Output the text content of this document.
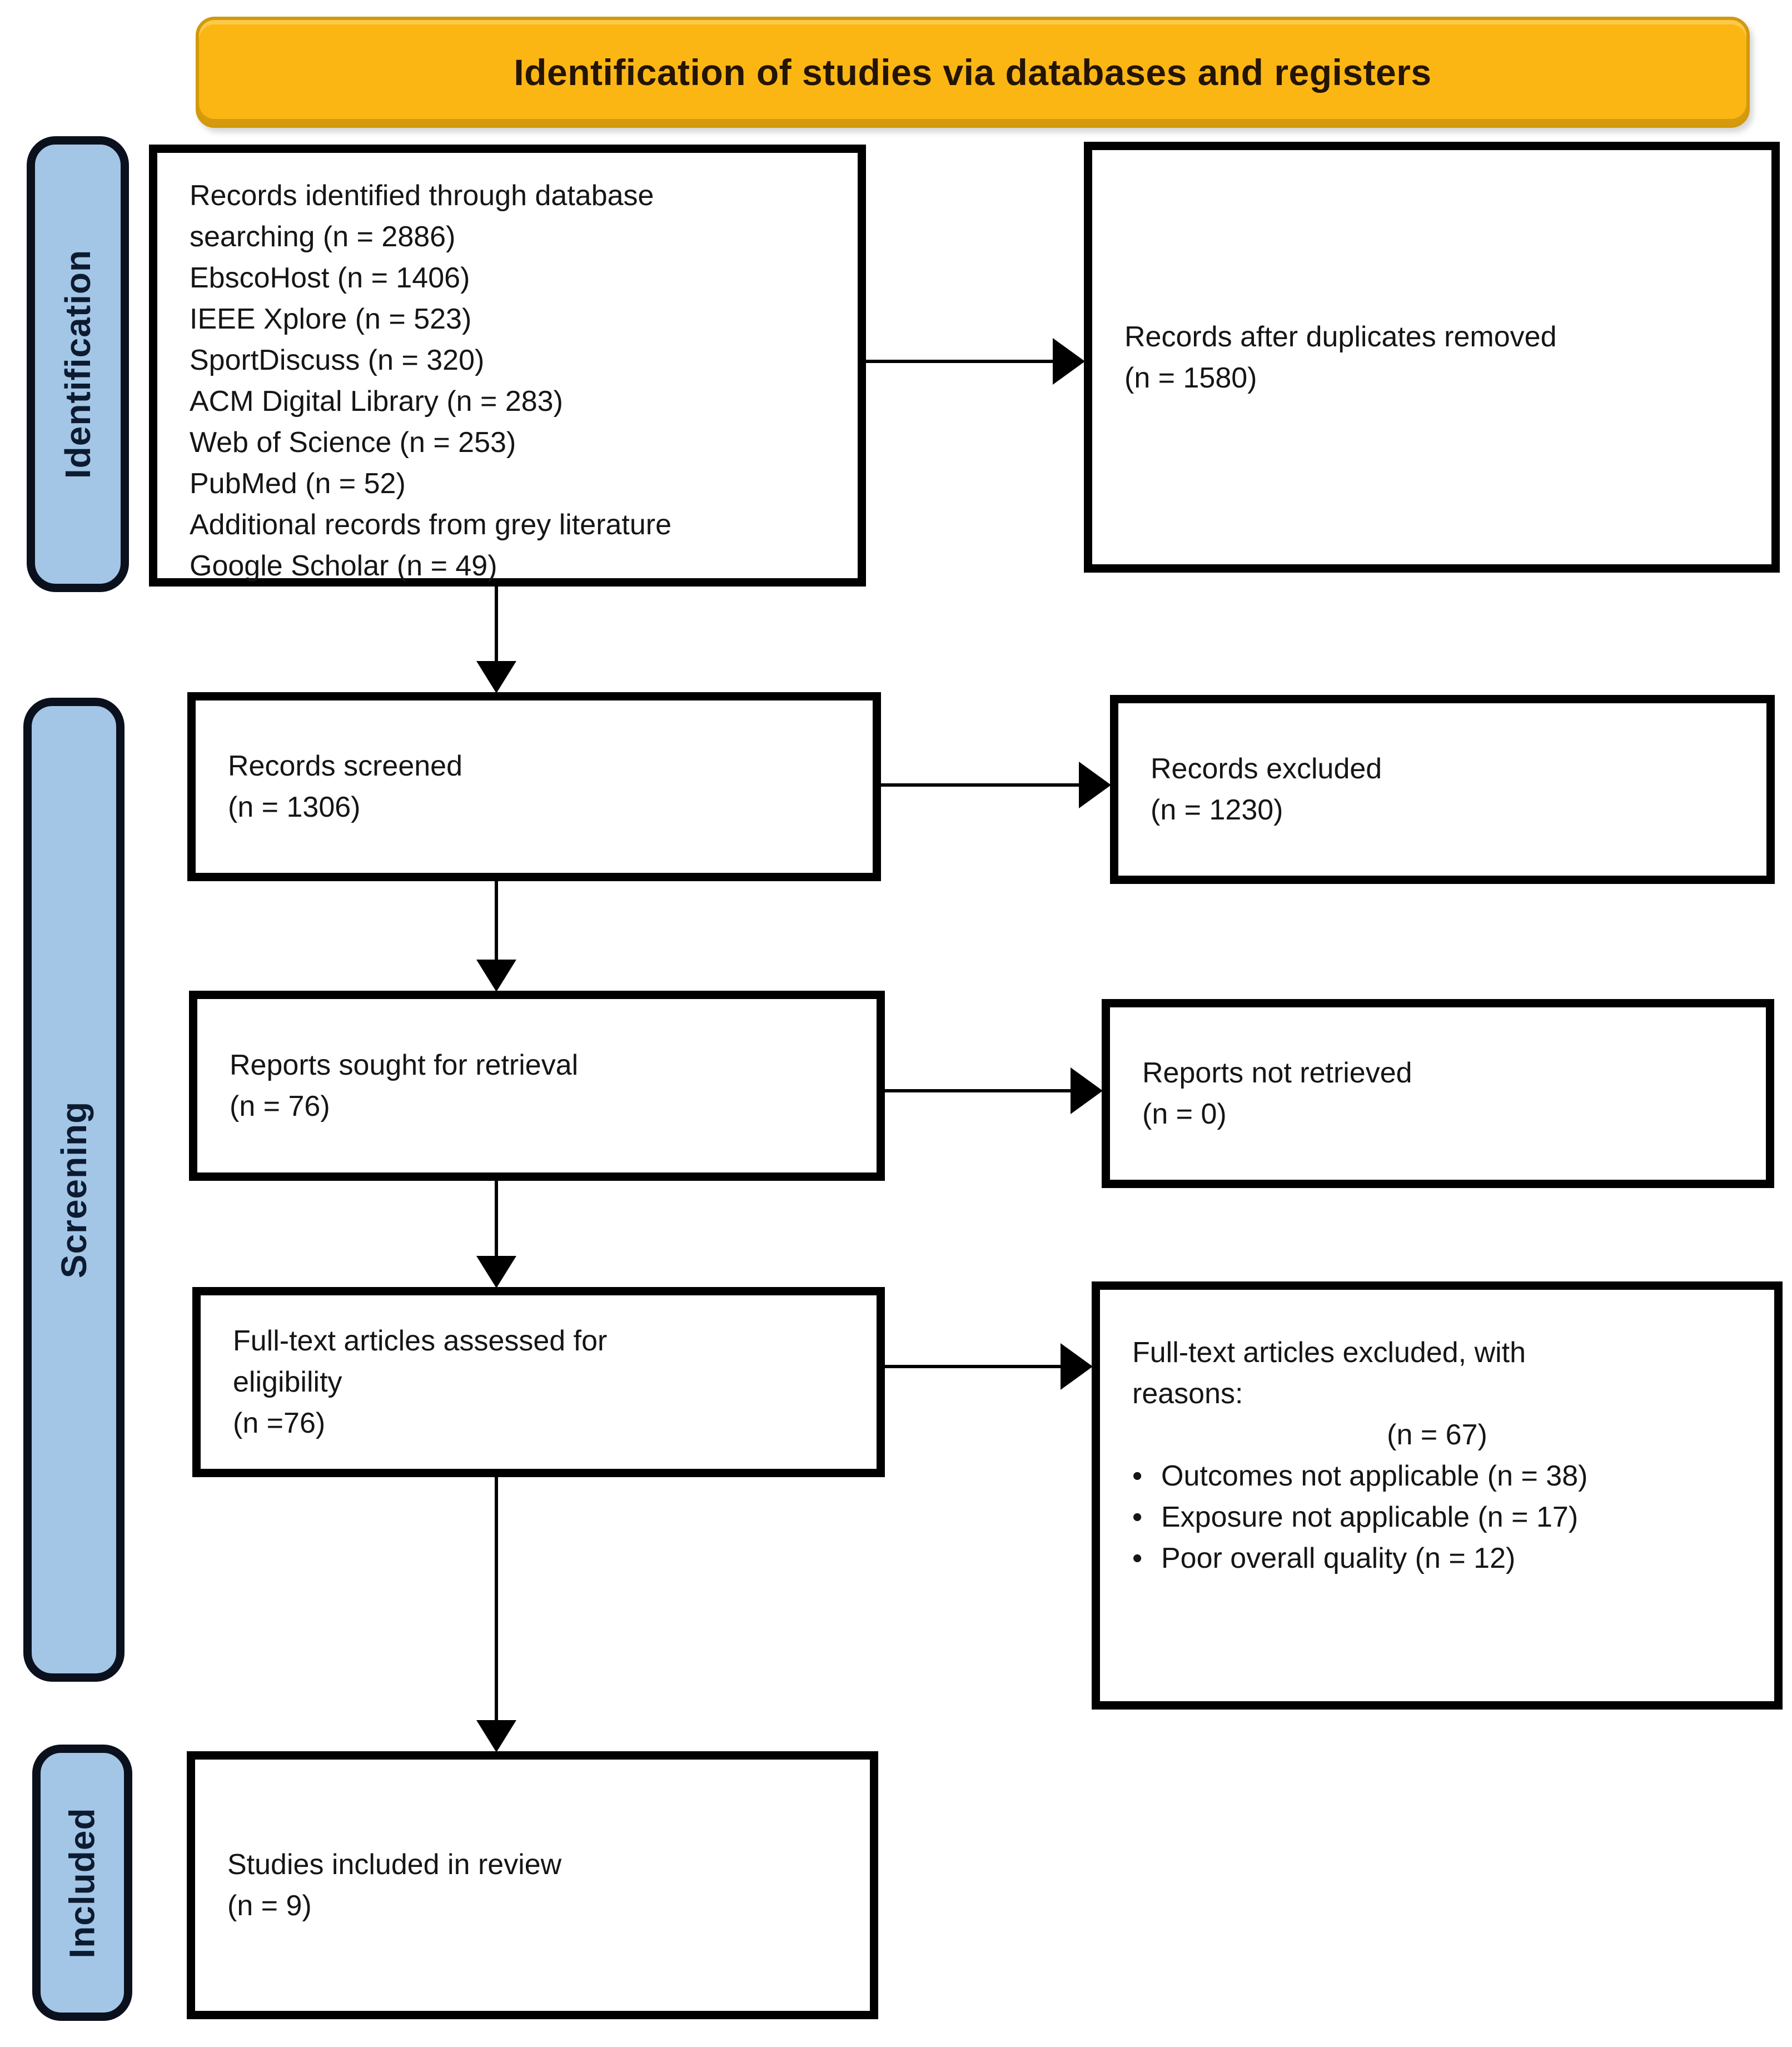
Identification of studies via databases and registers
Identification
Screening
Included
Records identified through database
searching (n = 2886)
EbscoHost (n = 1406)
IEEE Xplore (n = 523)
SportDiscuss (n = 320)
ACM Digital Library (n = 283)
Web of Science (n = 253)
PubMed (n = 52)
Additional records from grey literature
Google Scholar (n = 49)
Records after duplicates removed
(n = 1580)
Records screened
(n = 1306)
Records excluded
(n = 1230)
Reports sought for retrieval
(n = 76)
Reports not retrieved
(n = 0)
Full-text articles assessed for
eligibility
(n =76)
Full-text articles excluded, with
reasons:
(n = 67)
• Outcomes not applicable (n = 38)
• Exposure not applicable (n = 17)
• Poor overall quality (n = 12)
Studies included in review
(n = 9)
